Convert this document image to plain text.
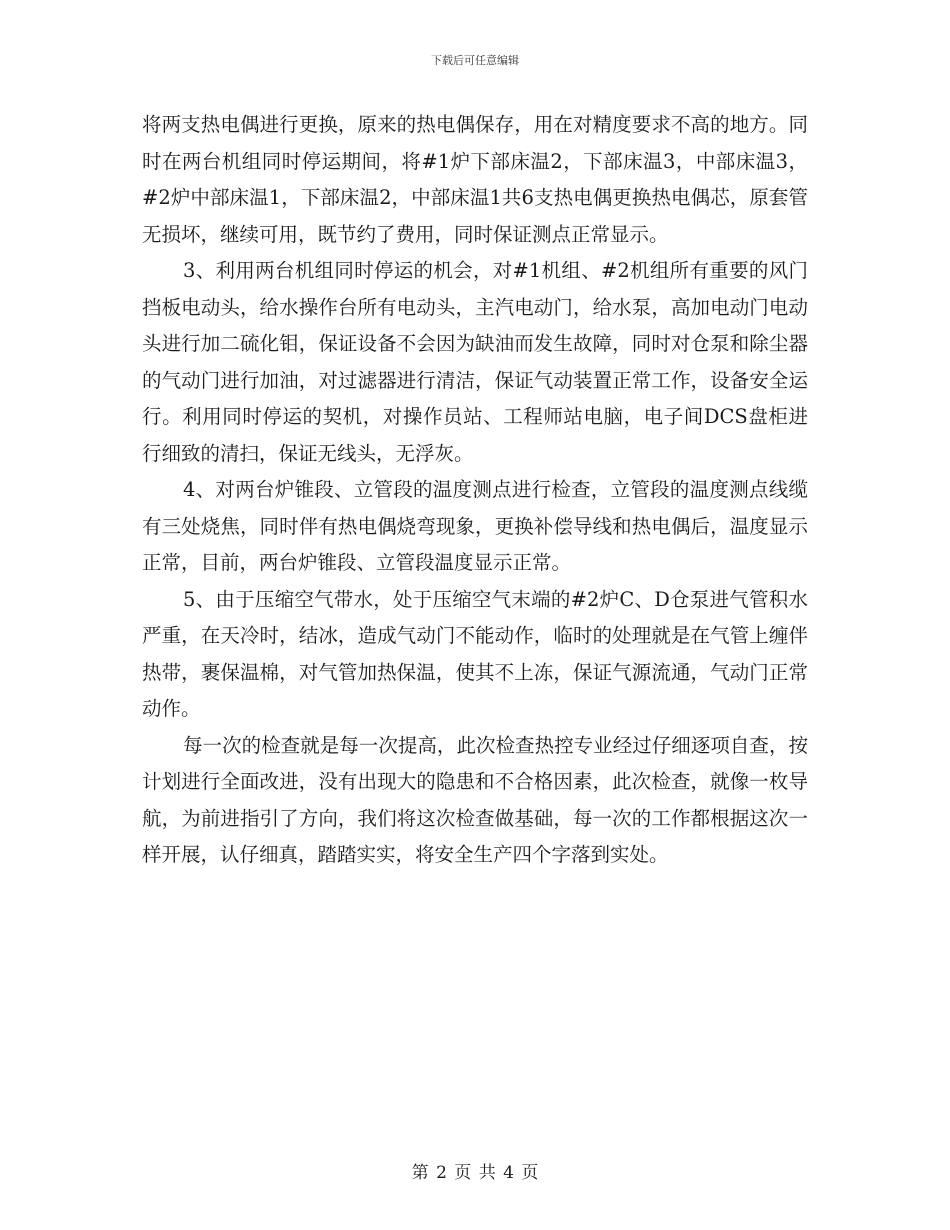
下载后可任意编辑

将两支热电偶进行更换，原来的热电偶保存，用在对精度要求不高的地方。同时在两台机组同时停运期间，将#1炉下部床温2，下部床温3，中部床温3，#2炉中部床温1，下部床温2，中部床温1共6支热电偶更换热电偶芯，原套管无损坏，继续可用，既节约了费用，同时保证测点正常显示。

3、利用两台机组同时停运的机会，对#1机组、#2机组所有重要的风门挡板电动头，给水操作台所有电动头，主汽电动门，给水泵，高加电动门电动头进行加二硫化钼，保证设备不会因为缺油而发生故障，同时对仓泵和除尘器的气动门进行加油，对过滤器进行清洁，保证气动装置正常工作，设备安全运行。利用同时停运的契机，对操作员站、工程师站电脑，电子间DCS盘柜进行细致的清扫，保证无线头，无浮灰。

4、对两台炉锥段、立管段的温度测点进行检查，立管段的温度测点线缆有三处烧焦，同时伴有热电偶烧弯现象，更换补偿导线和热电偶后，温度显示正常，目前，两台炉锥段、立管段温度显示正常。

5、由于压缩空气带水，处于压缩空气末端的#2炉C、D仓泵进气管积水严重，在天冷时，结冰，造成气动门不能动作，临时的处理就是在气管上缠伴热带，裹保温棉，对气管加热保温，使其不上冻，保证气源流通，气动门正常动作。

每一次的检查就是每一次提高，此次检查热控专业经过仔细逐项自查，按计划进行全面改进，没有出现大的隐患和不合格因素，此次检查，就像一枚导航，为前进指引了方向，我们将这次检查做基础，每一次的工作都根据这次一样开展，认仔细真，踏踏实实，将安全生产四个字落到实处。

第 2 页 共 4 页
